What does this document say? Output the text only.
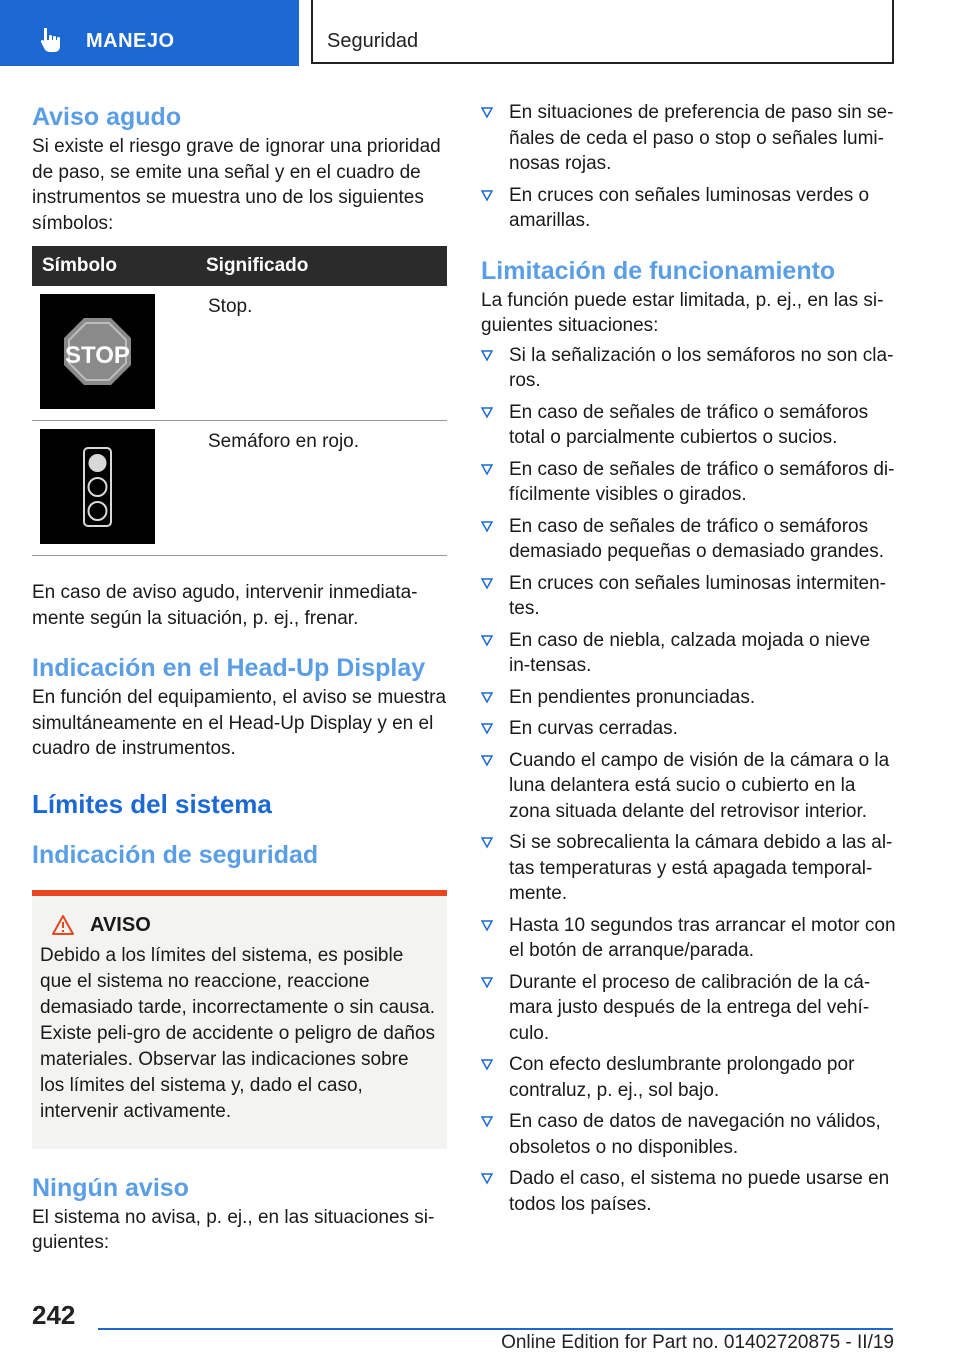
MANEJO	Seguridad
Aviso agudo

Si existe el riesgo grave de ignorar una prioridad de paso, se emite una señal y en el cuadro de instrumentos se muestra uno de los siguientes símbolos:

Símbolo	Significado

STOP	Stop.

	Semáforo en rojo.

En caso de aviso agudo, intervenir inmediata-mente según la situación, p. ej., frenar.

Indicación en el Head-Up Display

En función del equipamiento, el aviso se muestra simultáneamente en el Head-Up Display y en el cuadro de instrumentos.

Límites del sistema
Indicación de seguridad
AVISO

Debido a los límites del sistema, es posible que el sistema no reaccione, reaccione demasiado tarde, incorrectamente o sin causa. Existe peli-gro de accidente o peligro de daños materiales. Observar las indicaciones sobre los límites del sistema y, dado el caso, intervenir activamente.

Ningún aviso

El sistema no avisa, p. ej., en las situaciones si-guientes:

En situaciones de preferencia de paso sin se-ñales de ceda el paso o stop o señales lumi-nosas rojas.
En cruces con señales luminosas verdes o amarillas.
Limitación de funcionamiento

La función puede estar limitada, p. ej., en las si-guientes situaciones:

Si la señalización o los semáforos no son cla-ros.
En caso de señales de tráfico o semáforos total o parcialmente cubiertos o sucios.
En caso de señales de tráfico o semáforos di-fícilmente visibles o girados.
En caso de señales de tráfico o semáforos demasiado pequeñas o demasiado grandes.
En cruces con señales luminosas intermiten-tes.
En caso de niebla, calzada mojada o nieve in-tensas.
En pendientes pronunciadas.
En curvas cerradas.
Cuando el campo de visión de la cámara o la luna delantera está sucio o cubierto en la zona situada delante del retrovisor interior.
Si se sobrecalienta la cámara debido a las al-tas temperaturas y está apagada temporal-mente.
Hasta 10 segundos tras arrancar el motor con el botón de arranque/parada.
Durante el proceso de calibración de la cá-mara justo después de la entrega del vehí-culo.
Con efecto deslumbrante prolongado por contraluz, p. ej., sol bajo.
En caso de datos de navegación no válidos, obsoletos o no disponibles.
Dado el caso, el sistema no puede usarse en todos los países.
242
Online Edition for Part no. 01402720875 - II/19
